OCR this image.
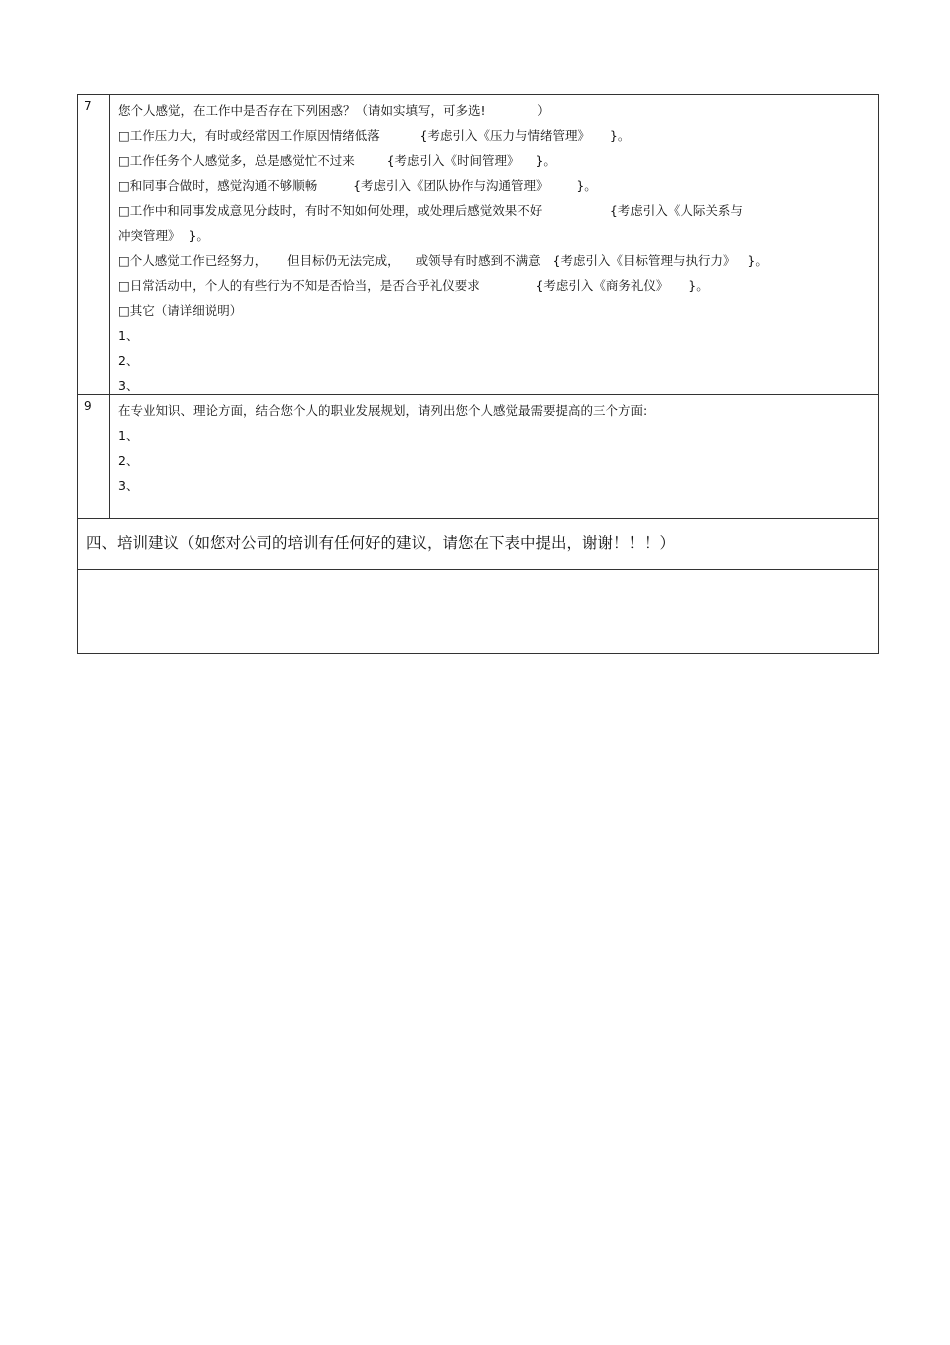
7	您个人感觉，在工作中是否存在下列困惑？（请如实填写，可多选!             ）
□工作压力大，有时或经常因工作原因情绪低落          {考虑引入《压力与情绪管理》     }。
□工作任务个人感觉多，总是感觉忙不过来        {考虑引入《时间管理》    }。
□和同事合做时，感觉沟通不够顺畅         {考虑引入《团队协作与沟通管理》       }。
□工作中和同事发成意见分歧时，有时不知如何处理，或处理后感觉效果不好                 {考虑引入《人际关系与
冲突管理》  }。
□个人感觉工作已经努力，     但目标仍无法完成，    或领导有时感到不满意   {考虑引入《目标管理与执行力》   }。
□日常活动中，个人的有些行为不知是否恰当，是否合乎礼仪要求              {考虑引入《商务礼仪》     }。
□其它（请详细说明）
1、
2、
3、
9	在专业知识、理论方面，结合您个人的职业发展规划，请列出您个人感觉最需要提高的三个方面:
1、
2、
3、
四、培训建议（如您对公司的培训有任何好的建议，请您在下表中提出，谢谢！！！）
